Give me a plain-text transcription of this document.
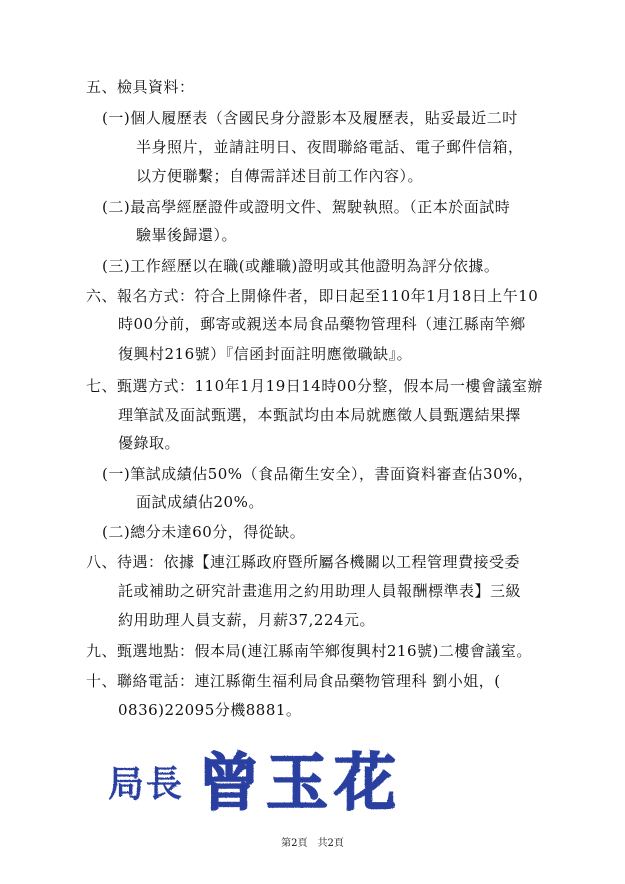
五、檢具資料：
(一)個人履歷表（含國民身分證影本及履歷表，貼妥最近二吋
半身照片，並請註明日、夜間聯絡電話、電子郵件信箱，
以方便聯繫；自傳需詳述目前工作內容）。
(二)最高學經歷證件或證明文件、駕駛執照。（正本於面試時
驗畢後歸還）。
(三)工作經歷以在職(或離職)證明或其他證明為評分依據。
六、報名方式：符合上開條件者，即日起至110年1月18日上午10
時00分前，郵寄或親送本局食品藥物管理科（連江縣南竿鄉
復興村216號）『信函封面註明應徵職缺』。
七、甄選方式：110年1月19日14時00分整，假本局一樓會議室辦
理筆試及面試甄選，本甄試均由本局就應徵人員甄選結果擇
優錄取。
(一)筆試成績佔50%（食品衛生安全），書面資料審查佔30%，
面試成績佔20%。
(二)總分未達60分，得從缺。
八、待遇：依據【連江縣政府暨所屬各機關以工程管理費接受委
託或補助之研究計畫進用之約用助理人員報酬標準表】三級
約用助理人員支薪，月薪37,224元。
九、甄選地點：假本局(連江縣南竿鄉復興村216號)二樓會議室。
十、聯絡電話：連江縣衛生福利局食品藥物管理科 劉小姐，(
0836)22095分機8881。
局長 曾玉花
第2頁　共2頁
